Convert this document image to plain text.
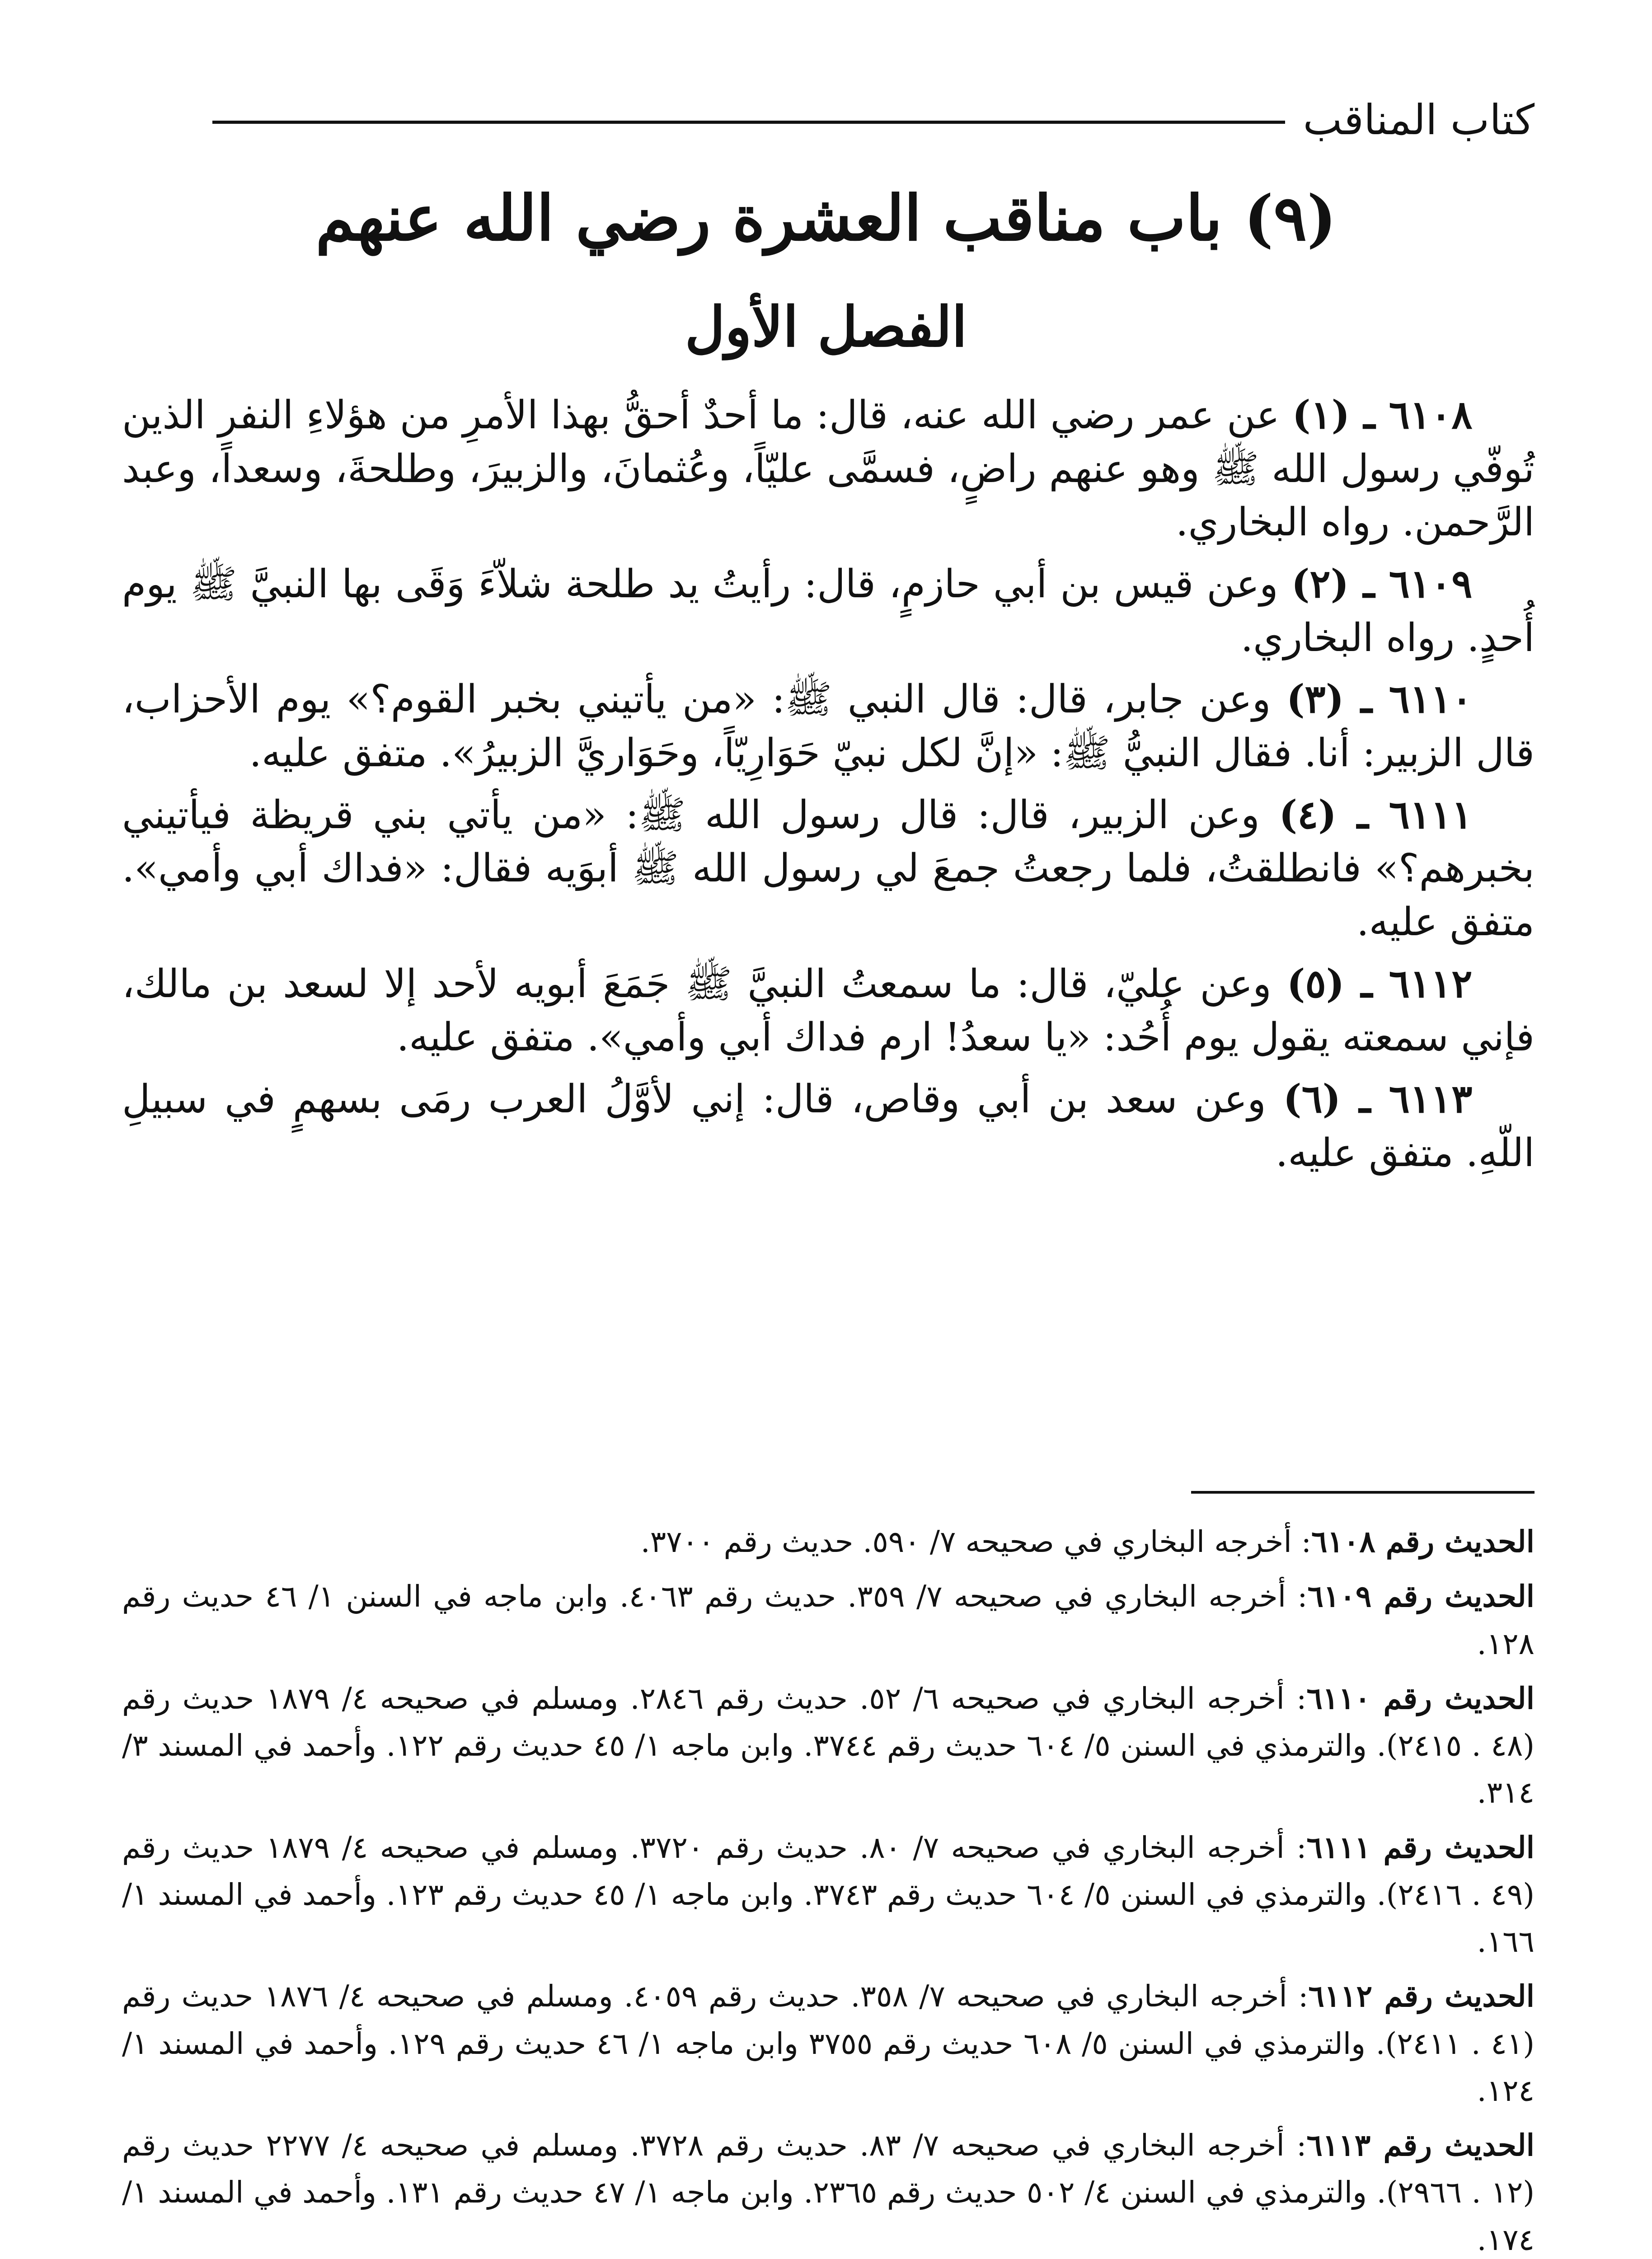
كتاب المناقب
(٩) باب مناقب العشرة رضي الله عنهم
الفصل الأول

٦١٠٨ ـ (١) عن عمر رضي الله عنه، قال: ما أحدٌ أحقُّ بهذا الأمرِ من هؤلاءِ النفر الذين تُوفّي رسول الله ﷺ وهو عنهم راضٍ، فسمَّى عليّاً، وعُثمانَ، والزبيرَ، وطلحةَ، وسعداً، وعبد الرَّحمن. رواه البخاري.

٦١٠٩ ـ (٢) وعن قيس بن أبي حازمٍ، قال: رأيتُ يد طلحة شلاّءَ وَقَى بها النبيَّ ﷺ يوم أُحدٍ. رواه البخاري.

٦١١٠ ـ (٣) وعن جابر، قال: قال النبي ﷺ: «من يأتيني بخبر القوم؟» يوم الأحزاب، قال الزبير: أنا. فقال النبيُّ ﷺ: «إنَّ لكل نبيّ حَوَارِيّاً، وحَوَاريَّ الزبيرُ». متفق عليه.

٦١١١ ـ (٤) وعن الزبير، قال: قال رسول الله ﷺ: «من يأتي بني قريظة فيأتيني بخبرهم؟» فانطلقتُ، فلما رجعتُ جمعَ لي رسول الله ﷺ أبوَيه فقال: «فداك أبي وأمي». متفق عليه.

٦١١٢ ـ (٥) وعن عليّ، قال: ما سمعتُ النبيَّ ﷺ جَمَعَ أبويه لأحد إلا لسعد بن مالك، فإني سمعته يقول يوم أُحُد: «يا سعدُ! ارم فداك أبي وأمي». متفق عليه.

٦١١٣ ـ (٦) وعن سعد بن أبي وقاص، قال: إني لأوَّلُ العرب رمَى بسهمٍ في سبيلِ اللّهِ. متفق عليه.

الحديث رقم ٦١٠٨: أخرجه البخاري في صحيحه ٧/ ٥٩٠. حديث رقم ٣٧٠٠.

الحديث رقم ٦١٠٩: أخرجه البخاري في صحيحه ٧/ ٣٥٩. حديث رقم ٤٠٦٣. وابن ماجه في السنن ١/ ٤٦ حديث رقم ١٢٨.

الحديث رقم ٦١١٠: أخرجه البخاري في صحيحه ٦/ ٥٢. حديث رقم ٢٨٤٦. ومسلم في صحيحه ٤/ ١٨٧٩ حديث رقم (٤٨ . ٢٤١٥). والترمذي في السنن ٥/ ٦٠٤ حديث رقم ٣٧٤٤. وابن ماجه ١/ ٤٥ حديث رقم ١٢٢. وأحمد في المسند ٣/ ٣١٤.

الحديث رقم ٦١١١: أخرجه البخاري في صحيحه ٧/ ٨٠. حديث رقم ٣٧٢٠. ومسلم في صحيحه ٤/ ١٨٧٩ حديث رقم (٤٩ . ٢٤١٦). والترمذي في السنن ٥/ ٦٠٤ حديث رقم ٣٧٤٣. وابن ماجه ١/ ٤٥ حديث رقم ١٢٣. وأحمد في المسند ١/ ١٦٦.

الحديث رقم ٦١١٢: أخرجه البخاري في صحيحه ٧/ ٣٥٨. حديث رقم ٤٠٥٩. ومسلم في صحيحه ٤/ ١٨٧٦ حديث رقم (٤١ . ٢٤١١). والترمذي في السنن ٥/ ٦٠٨ حديث رقم ٣٧٥٥ وابن ماجه ١/ ٤٦ حديث رقم ١٢٩. وأحمد في المسند ١/ ١٢٤.

الحديث رقم ٦١١٣: أخرجه البخاري في صحيحه ٧/ ٨٣. حديث رقم ٣٧٢٨. ومسلم في صحيحه ٤/ ٢٢٧٧ حديث رقم (١٢ . ٢٩٦٦). والترمذي في السنن ٤/ ٥٠٢ حديث رقم ٢٣٦٥. وابن ماجه ١/ ٤٧ حديث رقم ١٣١. وأحمد في المسند ١/ ١٧٤.
